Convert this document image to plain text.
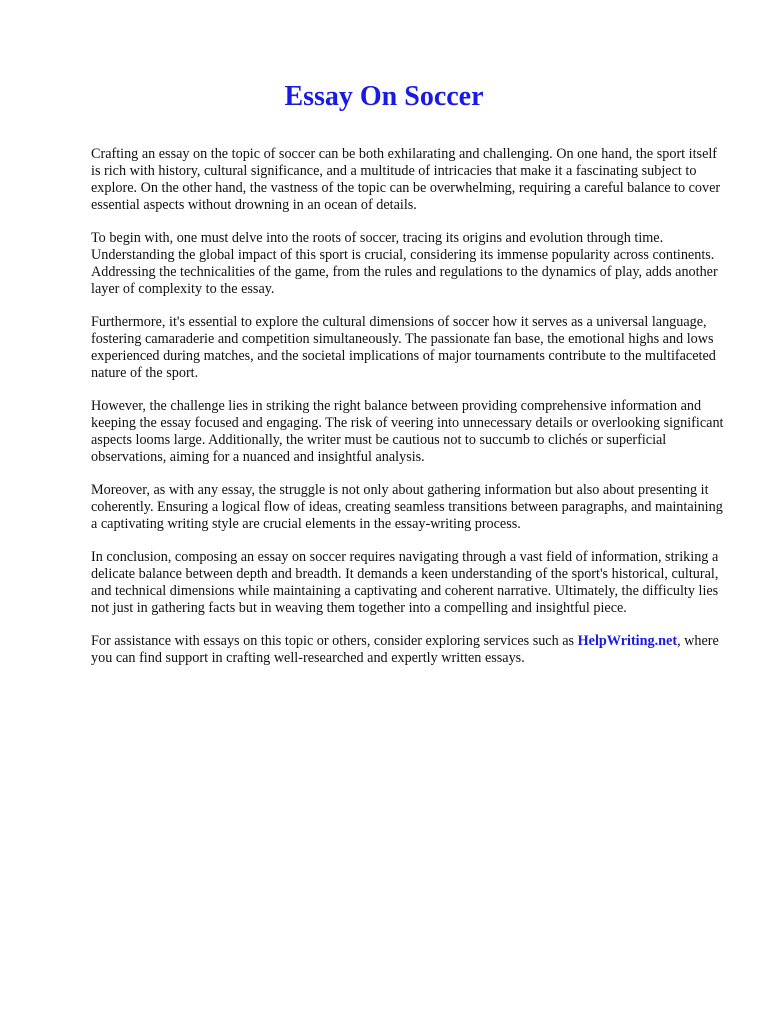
Essay On Soccer

Crafting an essay on the topic of soccer can be both exhilarating and challenging. On one hand, the sport itself is rich with history, cultural significance, and a multitude of intricacies that make it a fascinating subject to explore. On the other hand, the vastness of the topic can be overwhelming, requiring a careful balance to cover essential aspects without drowning in an ocean of details.

To begin with, one must delve into the roots of soccer, tracing its origins and evolution through time. Understanding the global impact of this sport is crucial, considering its immense popularity across continents. Addressing the technicalities of the game, from the rules and regulations to the dynamics of play, adds another layer of complexity to the essay.

Furthermore, it's essential to explore the cultural dimensions of soccer how it serves as a universal language, fostering camaraderie and competition simultaneously. The passionate fan base, the emotional highs and lows experienced during matches, and the societal implications of major tournaments contribute to the multifaceted nature of the sport.

However, the challenge lies in striking the right balance between providing comprehensive information and keeping the essay focused and engaging. The risk of veering into unnecessary details or overlooking significant aspects looms large. Additionally, the writer must be cautious not to succumb to clichés or superficial observations, aiming for a nuanced and insightful analysis.

Moreover, as with any essay, the struggle is not only about gathering information but also about presenting it coherently. Ensuring a logical flow of ideas, creating seamless transitions between paragraphs, and maintaining a captivating writing style are crucial elements in the essay-writing process.

In conclusion, composing an essay on soccer requires navigating through a vast field of information, striking a delicate balance between depth and breadth. It demands a keen understanding of the sport's historical, cultural, and technical dimensions while maintaining a captivating and coherent narrative. Ultimately, the difficulty lies not just in gathering facts but in weaving them together into a compelling and insightful piece.

For assistance with essays on this topic or others, consider exploring services such as HelpWriting.net, where you can find support in crafting well-researched and expertly written essays.
